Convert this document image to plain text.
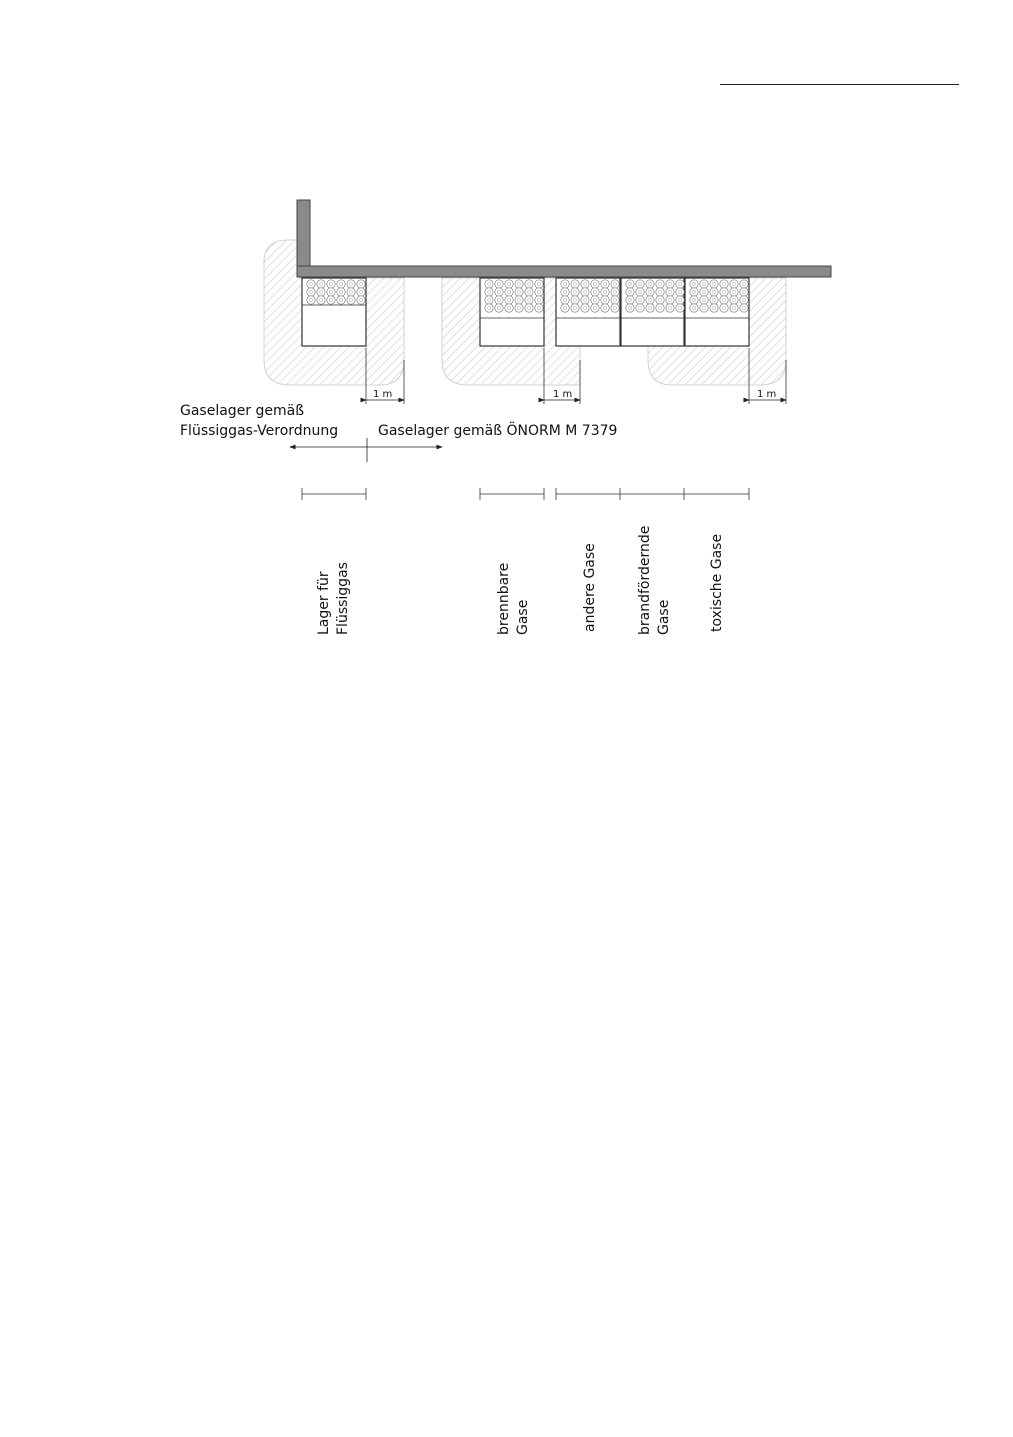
1 m	1 m	1 m
Gaselager gemäß
Flüssiggas-Verordnung	Gaselager gemäß ÖNORM M 7379
Lager für Flüssiggas	brennbare Gase	andere Gase	brandfördernde Gase	toxische Gase
